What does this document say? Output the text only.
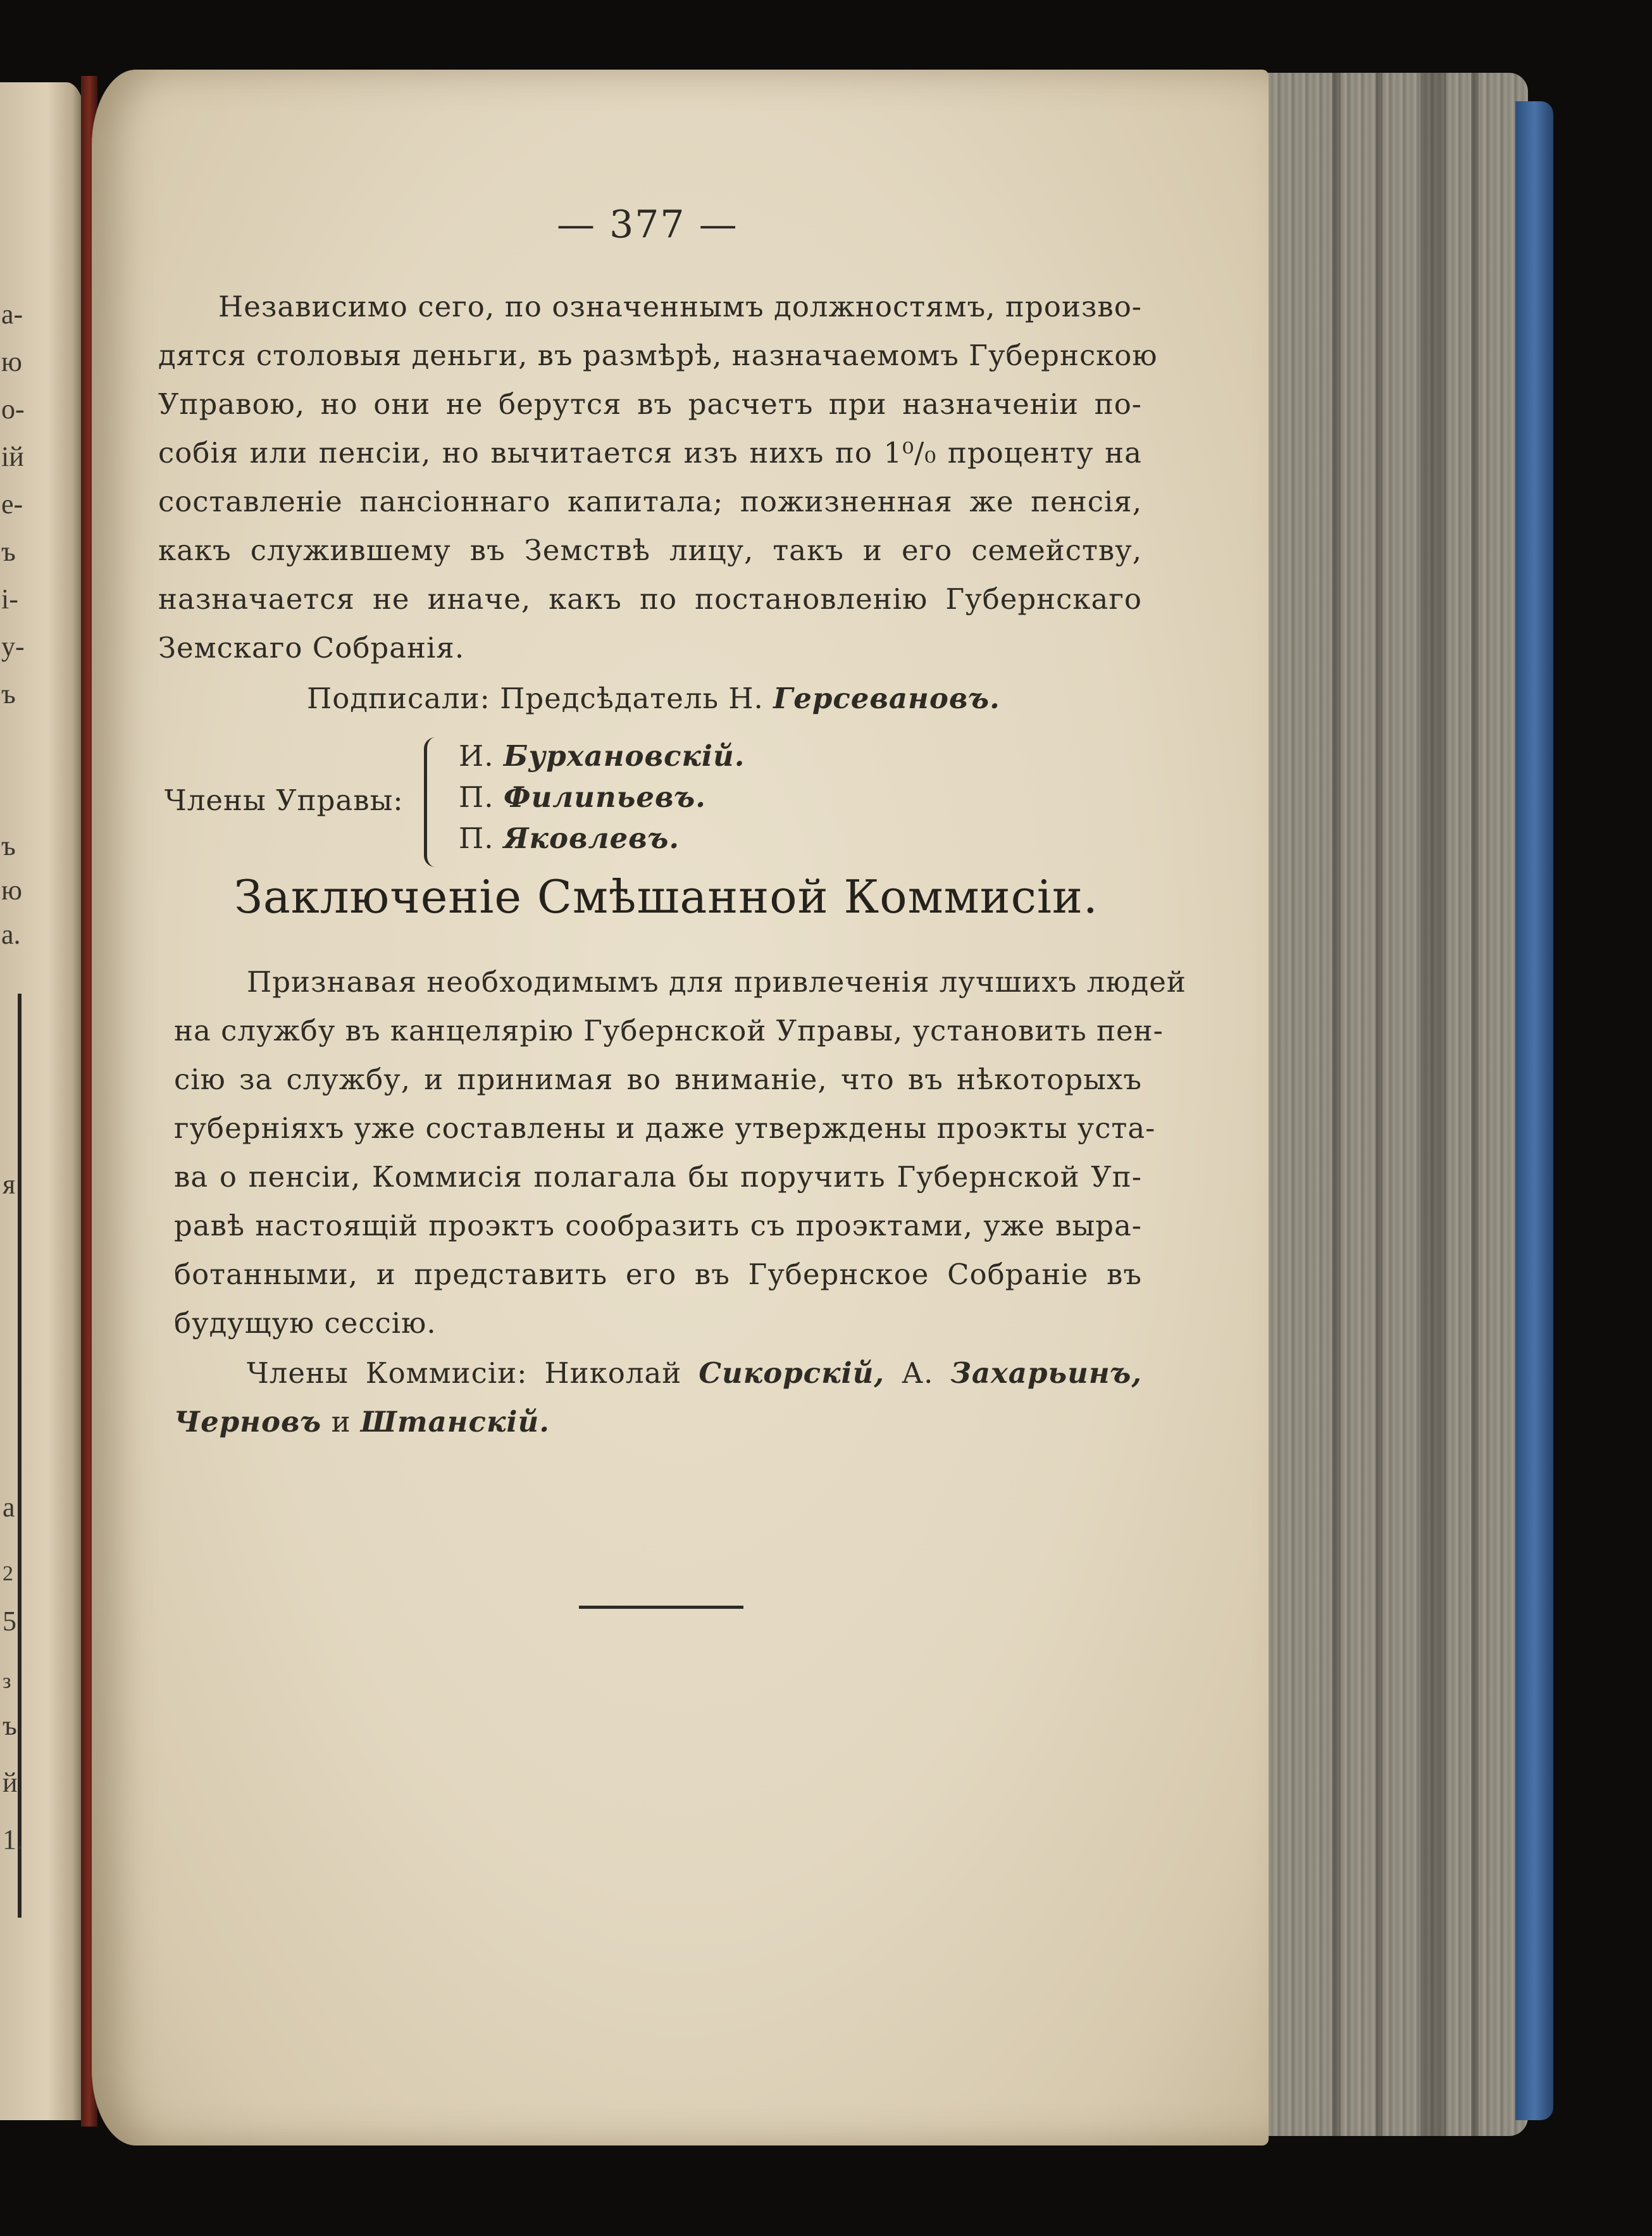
а-
ю
о-
ій
е-
ъ
і-
у-
ъ
ъ
ю
а.
я
а
2
5
з
ъ
й
1.
— 377 —
Независимо сего, по означеннымъ должностямъ, произво-
дятся столовыя деньги, въ размѣрѣ, назначаемомъ Губернскою
Управою, но они не берутся въ расчетъ при назначеніи по-
собія или пенсіи, но вычитается изъ нихъ по 1⁰/₀ проценту на
составленіе пансіоннаго капитала; пожизненная же пенсія,
какъ служившему въ Земствѣ лицу, такъ и его семейству,
назначается не иначе, какъ по постановленію Губернскаго
Земскаго Собранія.
Подписали: Предсѣдатель Н. Герсевановъ.
Члены Управы:
И. Бурхановскій.
П. Филипьевъ.
П. Яковлевъ.
Заключеніе Смѣшанной Коммисіи.
Признавая необходимымъ для привлеченія лучшихъ людей
на службу въ канцелярію Губернской Управы, установить пен-
сію за службу, и принимая во вниманіе, что въ нѣкоторыхъ
губерніяхъ уже составлены и даже утверждены проэкты уста-
ва о пенсіи, Коммисія полагала бы поручить Губернской Уп-
равѣ настоящій проэктъ сообразить съ проэктами, уже выра-
ботанными, и представить его въ Губернское Собраніе въ
будущую сессію.
Члены Коммисіи: Николай Сикорскій, А. Захарьинъ,
Черновъ и Штанскій.
